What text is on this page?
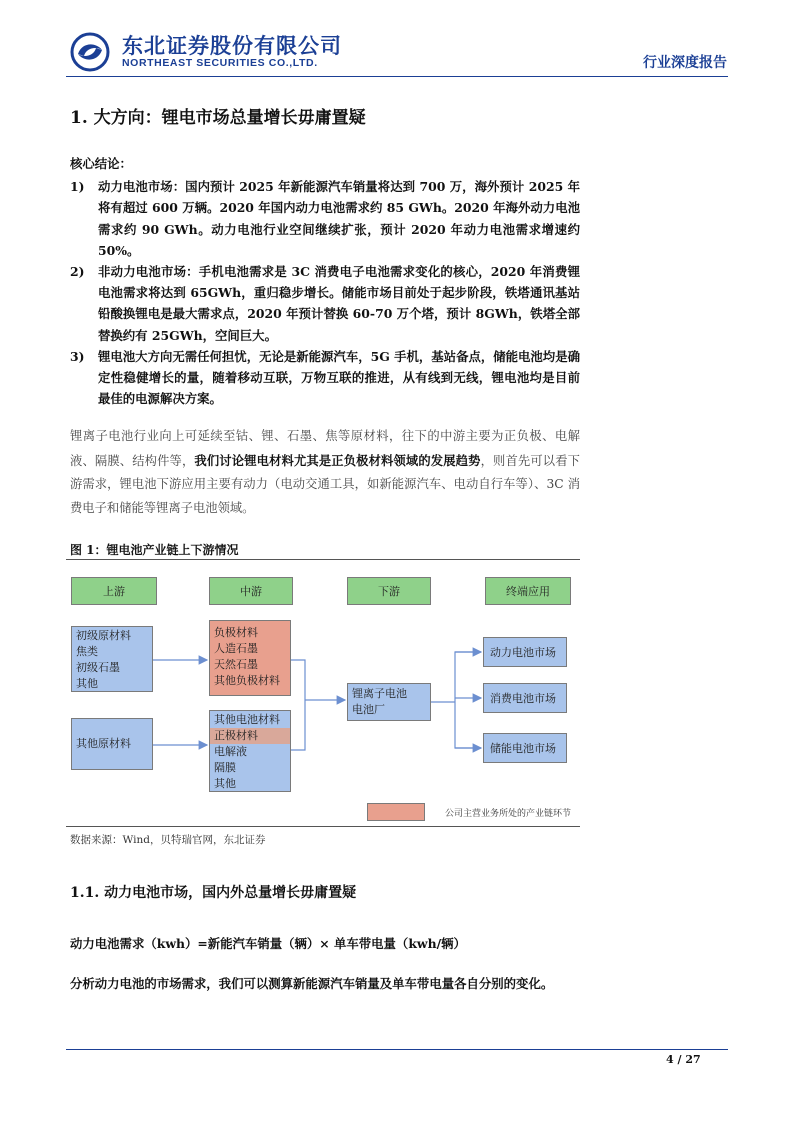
东北证券股份有限公司
NORTHEAST SECURITIES CO.,LTD.	行业深度报告
1. 大方向：锂电市场总量增长毋庸置疑
核心结论：
1) 动力电池市场：国内预计 2025 年新能源汽车销量将达到 700 万，海外预计 2025 年将有超过 600 万辆。2020 年国内动力电池需求约 85 GWh。2020 年海外动力电池需求约 90 GWh。动力电池行业空间继续扩张，预计 2020 年动力电池需求增速约 50%。
2) 非动力电池市场：手机电池需求是 3C 消费电子电池需求变化的核心，2020 年消费锂电池需求将达到 65GWh，重归稳步增长。储能市场目前处于起步阶段，铁塔通讯基站铅酸换锂电是最大需求点，2020 年预计替换 60-70 万个塔，预计 8GWh，铁塔全部替换约有 25GWh，空间巨大。
3) 锂电池大方向无需任何担忧，无论是新能源汽车，5G 手机，基站备点，储能电池均是确定性稳健增长的量，随着移动互联，万物互联的推进，从有线到无线，锂电池均是目前最佳的电源解决方案。
锂离子电池行业向上可延续至钴、锂、石墨、焦等原材料，往下的中游主要为正负极、电解液、隔膜、结构件等，我们讨论锂电材料尤其是正负极材料领域的发展趋势，则首先可以看下游需求，锂电池下游应用主要有动力（电动交通工具，如新能源汽车、电动自行车等）、3C 消费电子和储能等锂离子电池领域。
图 1：锂电池产业链上下游情况
上游	中游	下游	终端应用
初级原材料
焦类
初级石墨
其他
其他原材料
负极材料
人造石墨
天然石墨
其他负极材料
其他电池材料
正极材料
电解液
隔膜
其他
锂离子电池
电池厂
动力电池市场
消费电池市场
储能电池市场
公司主营业务所处的产业链环节
数据来源：Wind，贝特瑞官网，东北证券
1.1. 动力电池市场，国内外总量增长毋庸置疑
动力电池需求（kwh）=新能汽车销量（辆）× 单车带电量（kwh/辆）
分析动力电池的市场需求，我们可以测算新能源汽车销量及单车带电量各自分别的变化。
4 / 27
